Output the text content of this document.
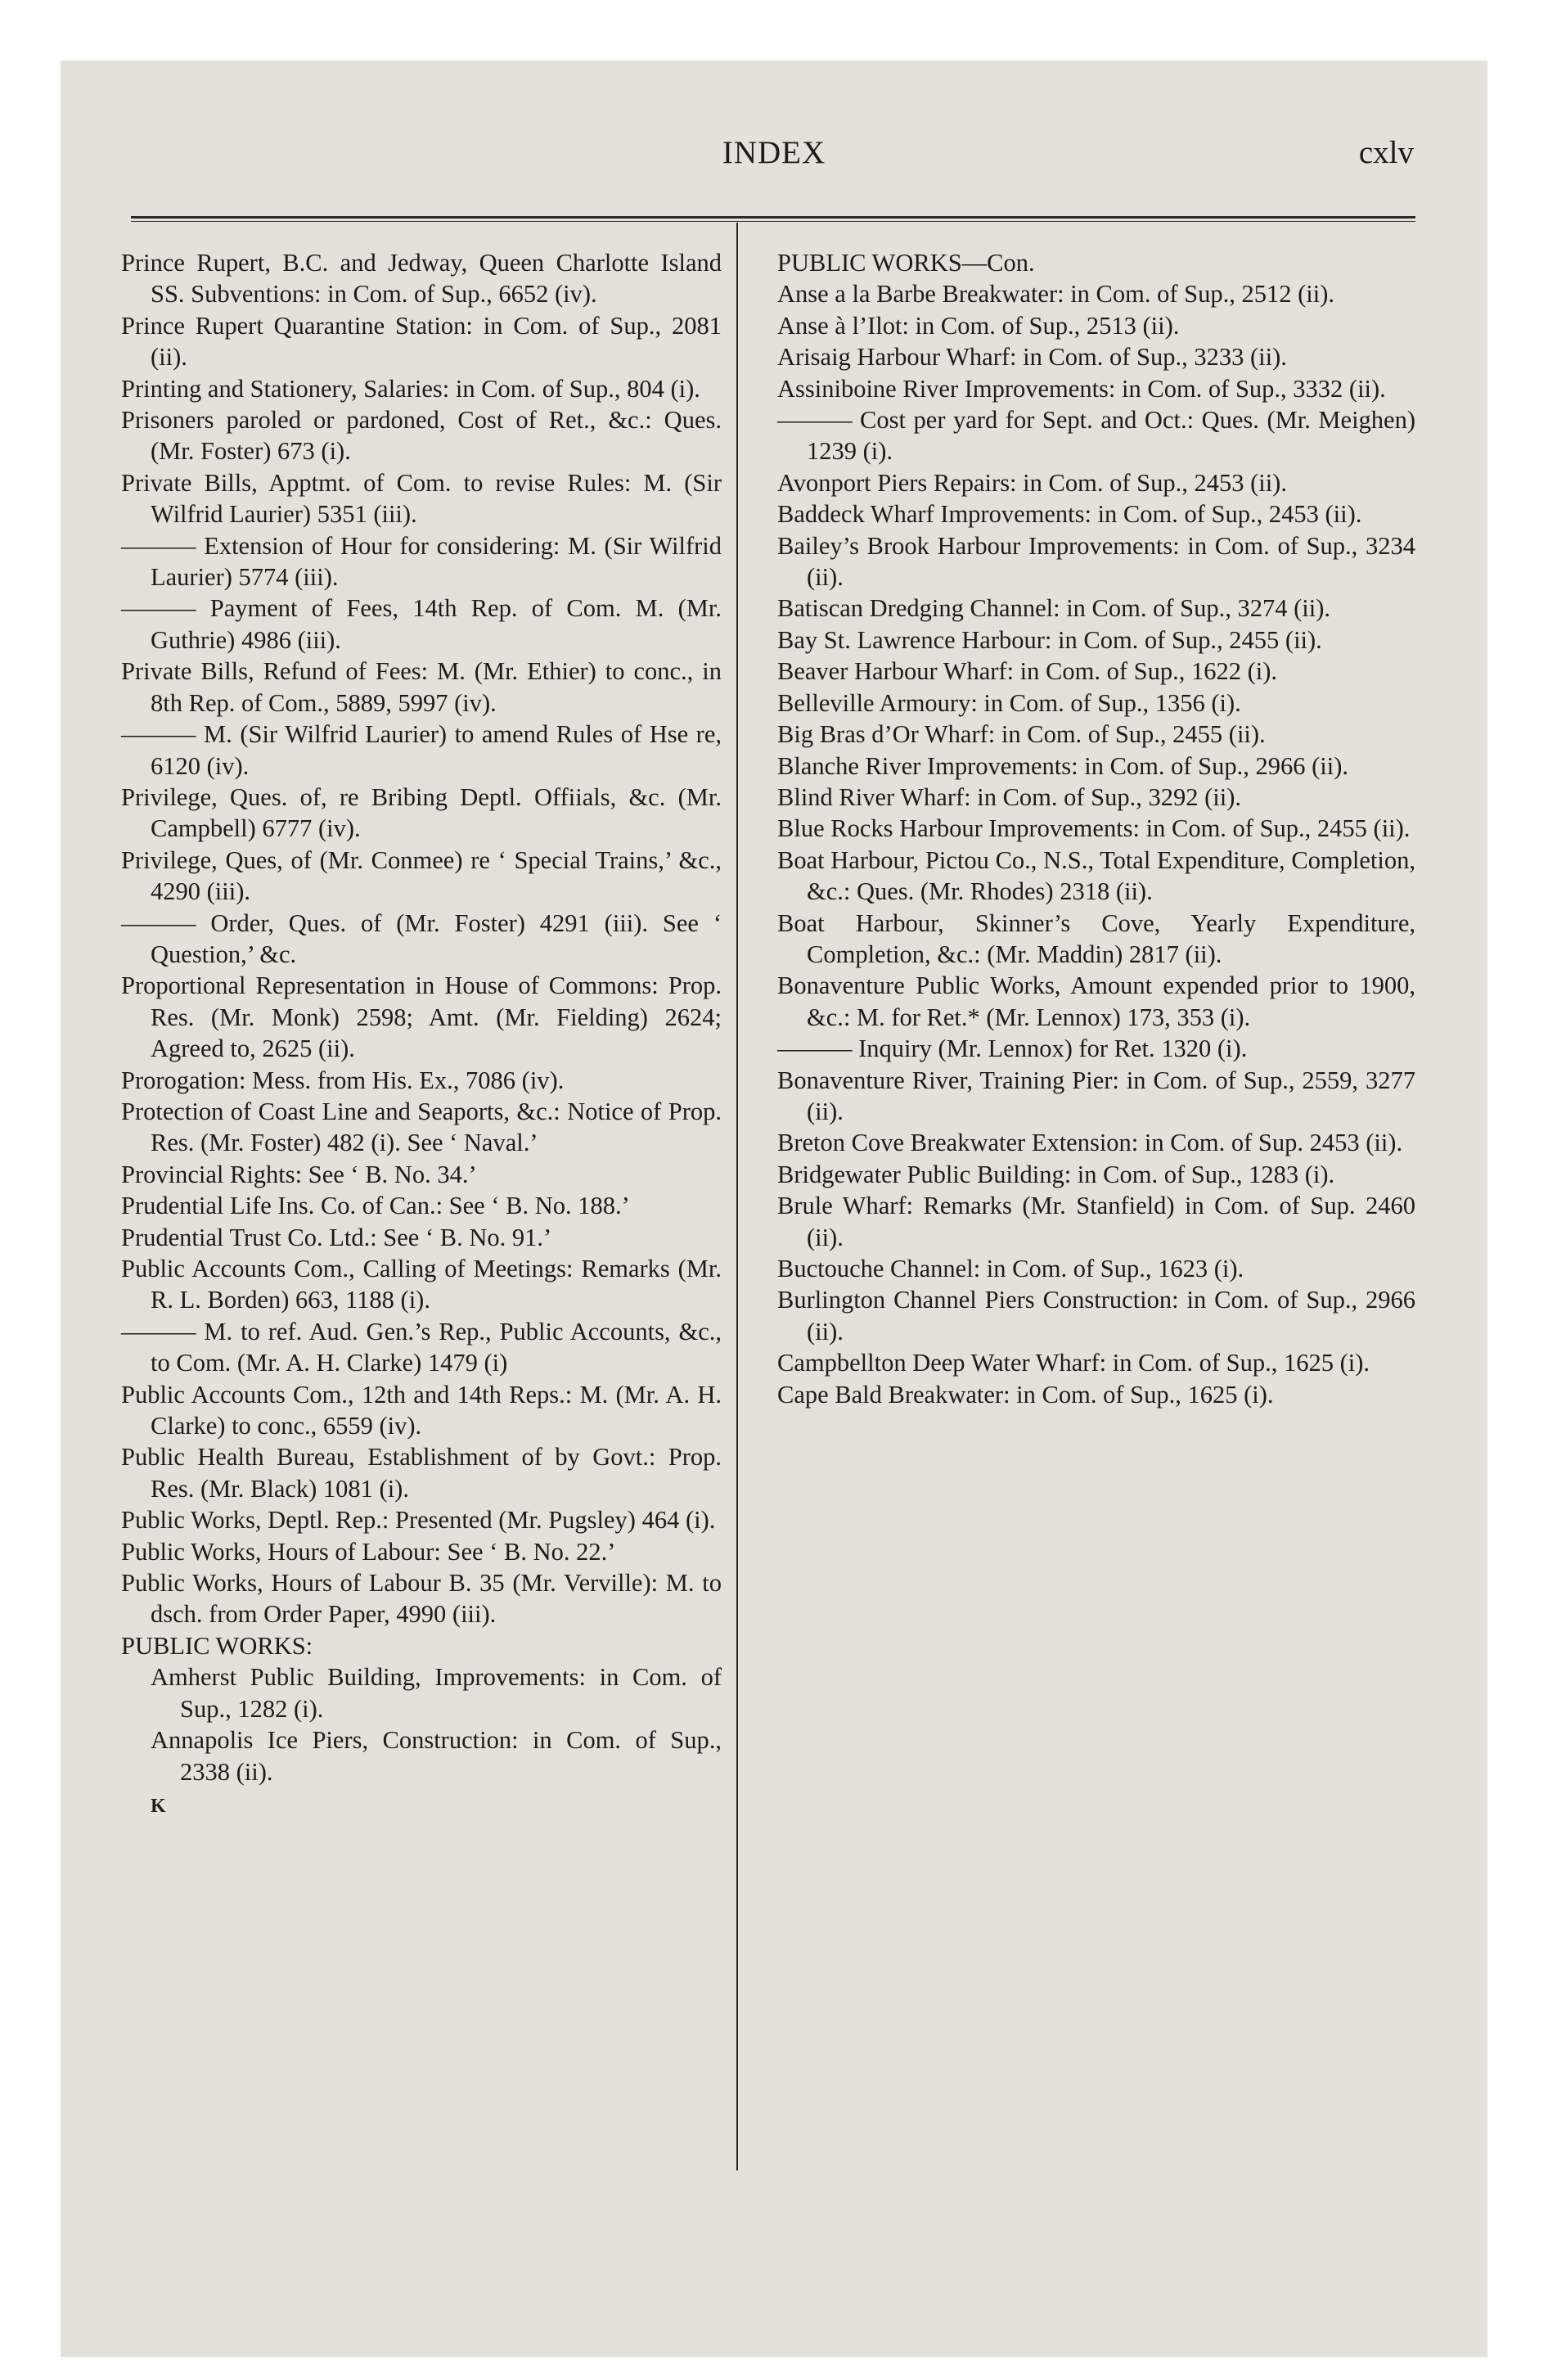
INDEX	cxlv

Prince Rupert, B.C. and Jedway, Queen Charlotte Island SS. Subventions: in Com. of Sup., 6652 (iv).

Prince Rupert Quarantine Station: in Com. of Sup., 2081 (ii).

Printing and Stationery, Salaries: in Com. of Sup., 804 (i).

Prisoners paroled or pardoned, Cost of Ret., &c.: Ques. (Mr. Foster) 673 (i).

Private Bills, Apptmt. of Com. to revise Rules: M. (Sir Wilfrid Laurier) 5351 (iii).

——— Extension of Hour for considering: M. (Sir Wilfrid Laurier) 5774 (iii).

——— Payment of Fees, 14th Rep. of Com. M. (Mr. Guthrie) 4986 (iii).

Private Bills, Refund of Fees: M. (Mr. Ethier) to conc., in 8th Rep. of Com., 5889, 5997 (iv).

——— M. (Sir Wilfrid Laurier) to amend Rules of Hse re, 6120 (iv).

Privilege, Ques. of, re Bribing Deptl. Offiials, &c. (Mr. Campbell) 6777 (iv).

Privilege, Ques, of (Mr. Conmee) re ‘ Special Trains,’ &c., 4290 (iii).

——— Order, Ques. of (Mr. Foster) 4291 (iii). See ‘ Question,’ &c.

Proportional Representation in House of Commons: Prop. Res. (Mr. Monk) 2598; Amt. (Mr. Fielding) 2624; Agreed to, 2625 (ii).

Prorogation: Mess. from His. Ex., 7086 (iv).

Protection of Coast Line and Seaports, &c.: Notice of Prop. Res. (Mr. Foster) 482 (i). See ‘ Naval.’

Provincial Rights: See ‘ B. No. 34.’

Prudential Life Ins. Co. of Can.: See ‘ B. No. 188.’

Prudential Trust Co. Ltd.: See ‘ B. No. 91.’

Public Accounts Com., Calling of Meetings: Remarks (Mr. R. L. Borden) 663, 1188 (i).

——— M. to ref. Aud. Gen.’s Rep., Public Accounts, &c., to Com. (Mr. A. H. Clarke) 1479 (i)

Public Accounts Com., 12th and 14th Reps.: M. (Mr. A. H. Clarke) to conc., 6559 (iv).

Public Health Bureau, Establishment of by Govt.: Prop. Res. (Mr. Black) 1081 (i).

Public Works, Deptl. Rep.: Presented (Mr. Pugsley) 464 (i).

Public Works, Hours of Labour: See ‘ B. No. 22.’

Public Works, Hours of Labour B. 35 (Mr. Verville): M. to dsch. from Order Paper, 4990 (iii).

PUBLIC WORKS:

Amherst Public Building, Improvements: in Com. of Sup., 1282 (i).

Annapolis Ice Piers, Construction: in Com. of Sup., 2338 (ii).

K

PUBLIC WORKS—Con.

Anse a la Barbe Breakwater: in Com. of Sup., 2512 (ii).

Anse à l’Ilot: in Com. of Sup., 2513 (ii).

Arisaig Harbour Wharf: in Com. of Sup., 3233 (ii).

Assiniboine River Improvements: in Com. of Sup., 3332 (ii).

——— Cost per yard for Sept. and Oct.: Ques. (Mr. Meighen) 1239 (i).

Avonport Piers Repairs: in Com. of Sup., 2453 (ii).

Baddeck Wharf Improvements: in Com. of Sup., 2453 (ii).

Bailey’s Brook Harbour Improvements: in Com. of Sup., 3234 (ii).

Batiscan Dredging Channel: in Com. of Sup., 3274 (ii).

Bay St. Lawrence Harbour: in Com. of Sup., 2455 (ii).

Beaver Harbour Wharf: in Com. of Sup., 1622 (i).

Belleville Armoury: in Com. of Sup., 1356 (i).

Big Bras d’Or Wharf: in Com. of Sup., 2455 (ii).

Blanche River Improvements: in Com. of Sup., 2966 (ii).

Blind River Wharf: in Com. of Sup., 3292 (ii).

Blue Rocks Harbour Improvements: in Com. of Sup., 2455 (ii).

Boat Harbour, Pictou Co., N.S., Total Expenditure, Completion, &c.: Ques. (Mr. Rhodes) 2318 (ii).

Boat Harbour, Skinner’s Cove, Yearly Expenditure, Completion, &c.: (Mr. Maddin) 2817 (ii).

Bonaventure Public Works, Amount expended prior to 1900, &c.: M. for Ret.* (Mr. Lennox) 173, 353 (i).

——— Inquiry (Mr. Lennox) for Ret. 1320 (i).

Bonaventure River, Training Pier: in Com. of Sup., 2559, 3277 (ii).

Breton Cove Breakwater Extension: in Com. of Sup. 2453 (ii).

Bridgewater Public Building: in Com. of Sup., 1283 (i).

Brule Wharf: Remarks (Mr. Stanfield) in Com. of Sup. 2460 (ii).

Buctouche Channel: in Com. of Sup., 1623 (i).

Burlington Channel Piers Construction: in Com. of Sup., 2966 (ii).

Campbellton Deep Water Wharf: in Com. of Sup., 1625 (i).

Cape Bald Breakwater: in Com. of Sup., 1625 (i).
